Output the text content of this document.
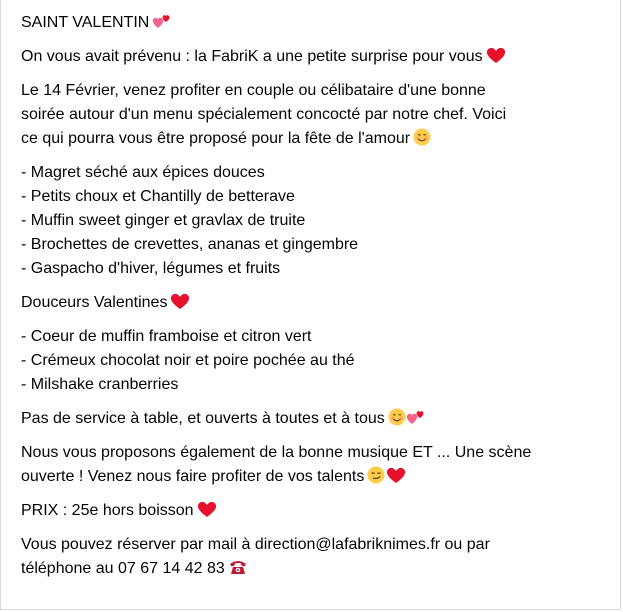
SAINT VALENTIN

On vous avait prévenu : la FabriK a une petite surprise pour vous

Le 14 Février, venez profiter en couple ou célibataire d'une bonne

soirée autour d'un menu spécialement concocté par notre chef. Voici

ce qui pourra vous être proposé pour la fête de l'amour

- Magret séché aux épices douces

- Petits choux et Chantilly de betterave

- Muffin sweet ginger et gravlax de truite

- Brochettes de crevettes, ananas et gingembre

- Gaspacho d'hiver, légumes et fruits

Douceurs Valentines

- Coeur de muffin framboise et citron vert

- Crémeux chocolat noir et poire pochée au thé

- Milshake cranberries

Pas de service à table, et ouverts à toutes et à tous

Nous vous proposons également de la bonne musique ET ... Une scène

ouverte ! Venez nous faire profiter de vos talents

PRIX : 25e hors boisson

Vous pouvez réserver par mail à direction@lafabriknimes.fr ou par

téléphone au 07 67 14 42 83
